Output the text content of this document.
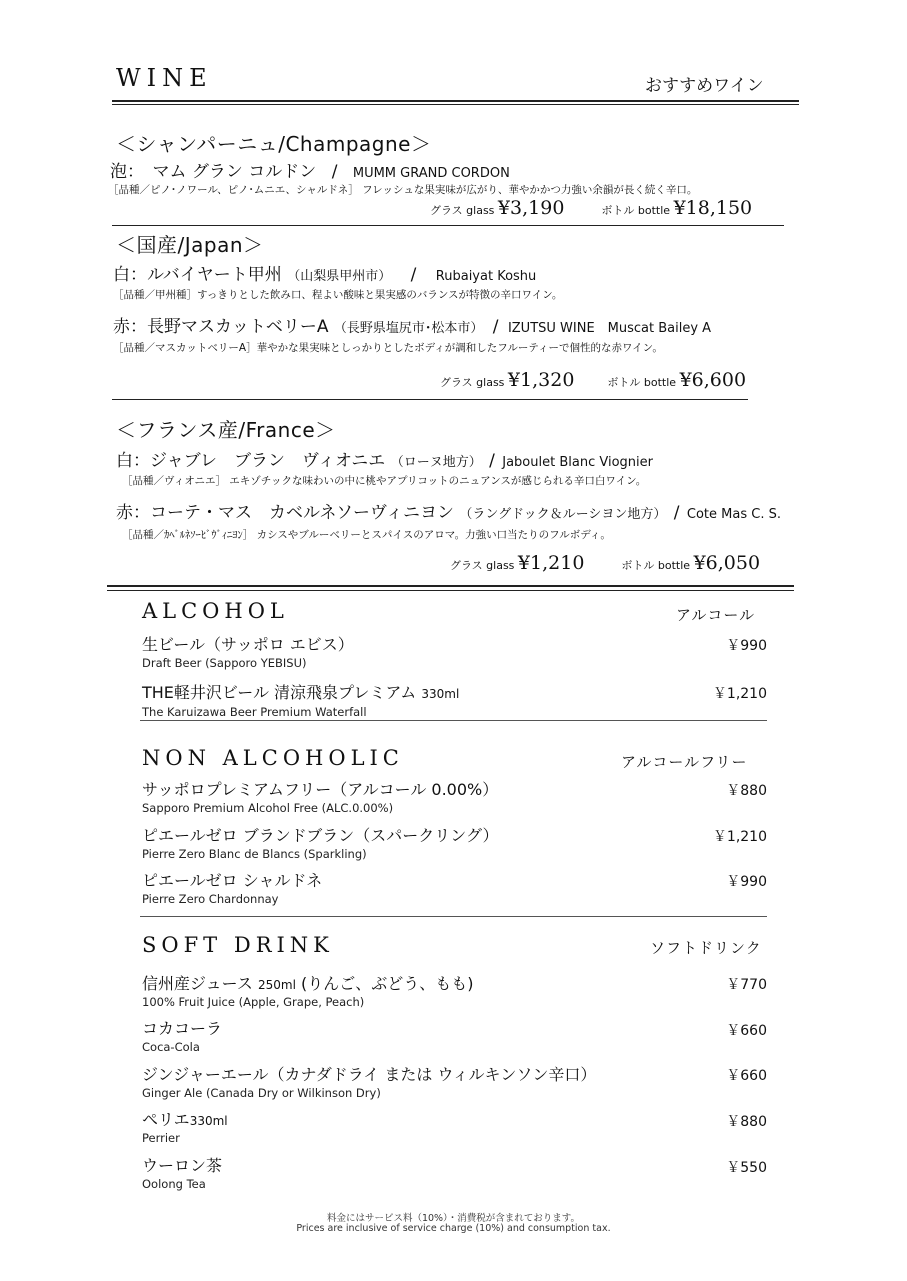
WINE	おすすめワイン
＜シャンパーニュ/Champagne＞
泡：　マム グラン コルドン / MUMM GRAND CORDON
［品種／ピノ･ノワール、ピノ･ムニエ、シャルドネ］ フレッシュな果実味が広がり、華やかかつ力強い余韻が長く続く辛口。
グラス glass ¥3,190	ボトル bottle ¥18,150
＜国産/Japan＞
白：ルバイヤート甲州 （山梨県甲州市） / Rubaiyat Koshu
［品種／甲州種］すっきりとした飲み口、程よい酸味と果実感のバランスが特徴の辛口ワイン。
赤：長野マスカットベリーA （長野県塩尻市･松本市） / IZUTSU WINE　Muscat Bailey A
［品種／マスカットベリーA］華やかな果実味としっかりとしたボディが調和したフルーティーで個性的な赤ワイン。
グラス glass ¥1,320	ボトル bottle ¥6,600
＜フランス産/France＞
白：ジャブレ　ブラン　ヴィオニエ （ローヌ地方） / Jaboulet Blanc Viognier
［品種／ヴィオニエ］ エキゾチックな味わいの中に桃やアプリコットのニュアンスが感じられる辛口白ワイン。
赤：コーテ・マス　カベルネソーヴィニヨン （ラングドック＆ルーシヨン地方） / Cote Mas C. S.
［品種／ｶﾍﾞﾙﾈｿｰﾋﾞｳﾞｨﾆﾖﾝ］ カシスやブルーベリーとスパイスのアロマ。力強い口当たりのフルボディ。
グラス glass ¥1,210	ボトル bottle ¥6,050
ALCOHOL	アルコール
生ビール（サッポロ エビス）
Draft Beer (Sapporo YEBISU)
￥990
THE軽井沢ビール 清涼飛泉プレミアム 330ml
The Karuizawa Beer Premium Waterfall
￥1,210
NON ALCOHOLIC	アルコールフリー
サッポロプレミアムフリー（アルコール 0.00%）
Sapporo Premium Alcohol Free (ALC.0.00%)
￥880
ピエールゼロ ブランドブラン（スパークリング）
Pierre Zero Blanc de Blancs (Sparkling)
￥1,210
ピエールゼロ シャルドネ
Pierre Zero Chardonnay
￥990
SOFT DRINK	ソフトドリンク
信州産ジュース 250ml (りんご、ぶどう、もも)
100% Fruit Juice (Apple, Grape, Peach)
￥770
コカコーラ
Coca-Cola
￥660
ジンジャーエール（カナダドライ または ウィルキンソン辛口）
Ginger Ale (Canada Dry or Wilkinson Dry)
￥660
ペリエ330ml
Perrier
￥880
ウーロン茶
Oolong Tea
￥550
料金にはサービス料（10%）・消費税が含まれております。
Prices are inclusive of service charge (10%) and consumption tax.
